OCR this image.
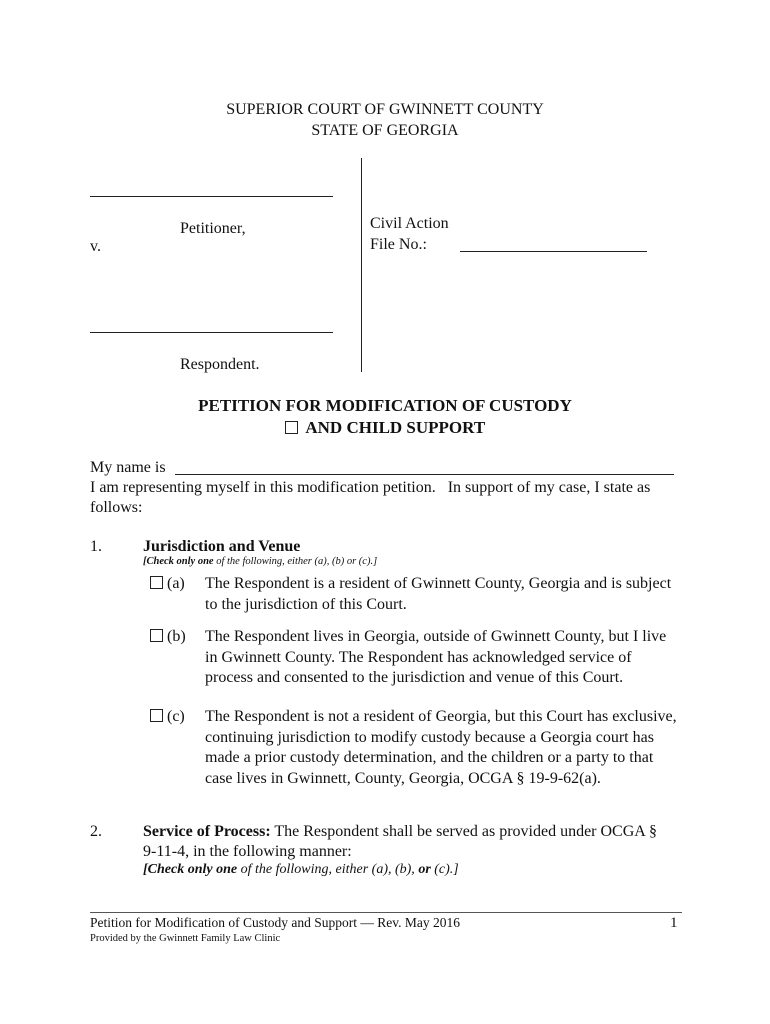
SUPERIOR COURT OF GWINNETT COUNTY
STATE OF GEORGIA
Petitioner,
v.
Respondent.
Civil Action
File No.:
PETITION FOR MODIFICATION OF CUSTODY
AND CHILD SUPPORT
My name is
I am representing myself in this modification petition.   In support of my case, I state as
follows:
1.	Jurisdiction and Venue
[Check only one of the following, either (a), (b) or (c).]
(a) The Respondent is a resident of Gwinnett County, Georgia and is subject
to the jurisdiction of this Court.
(b) The Respondent lives in Georgia, outside of Gwinnett County, but I live
in Gwinnett County. The Respondent has acknowledged service of
process and consented to the jurisdiction and venue of this Court.
(c) The Respondent is not a resident of Georgia, but this Court has exclusive,
continuing jurisdiction to modify custody because a Georgia court has
made a prior custody determination, and the children or a party to that
case lives in Gwinnett, County, Georgia, OCGA § 19-9-62(a).
2.	Service of Process: The Respondent shall be served as provided under OCGA §
9-11-4, in the following manner:
[Check only one of the following, either (a), (b), or (c).]
Petition for Modification of Custody and Support — Rev. May 2016	1
Provided by the Gwinnett Family Law Clinic
